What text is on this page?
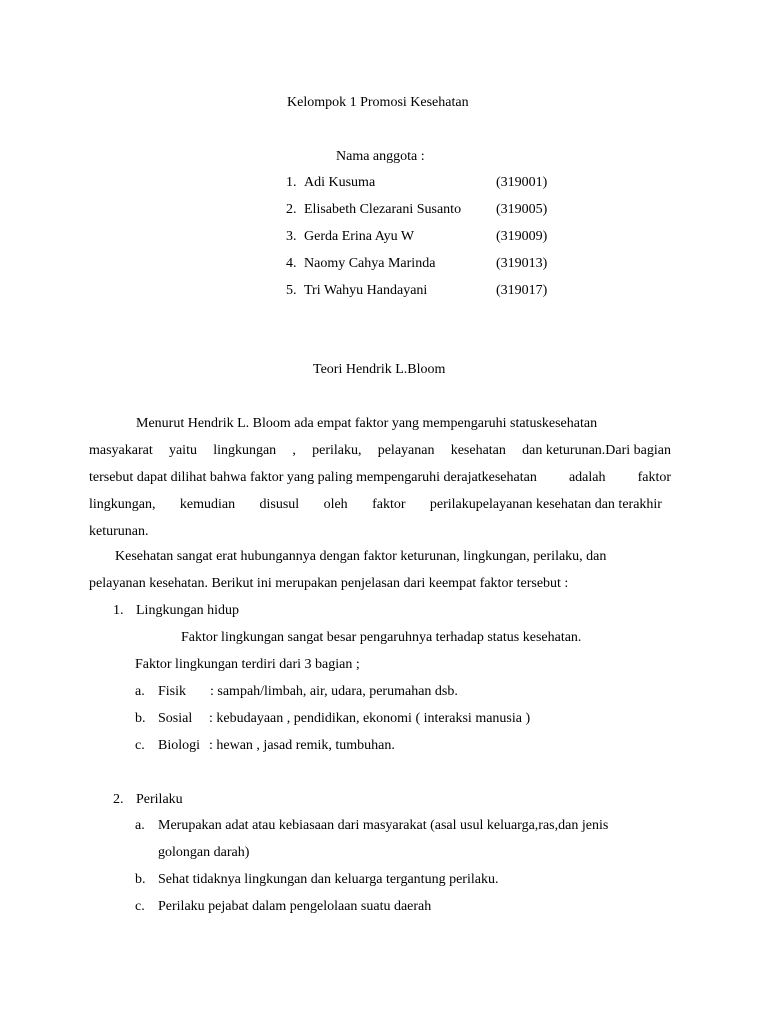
Kelompok 1 Promosi Kesehatan
Nama anggota :
1. Adi Kusuma	(319001)
2. Elisabeth Clezarani Susanto (319005)
3. Gerda Erina Ayu W	(319009)
4. Naomy Cahya Marinda	(319013)
5. Tri Wahyu Handayani	(319017)
Teori Hendrik L.Bloom
Menurut Hendrik L. Bloom ada empat faktor yang mempengaruhi statuskesehatan
masyakarat yaitu lingkungan , perilaku, pelayanan kesehatan dan keturunan.Dari bagian
tersebut dapat dilihat bahwa faktor yang paling mempengaruhi derajatkesehatan adalah faktor
lingkungan, kemudian disusul oleh faktor perilakupelayanan kesehatan dan terakhir
keturunan.
Kesehatan sangat erat hubungannya dengan faktor keturunan, lingkungan, perilaku, dan
pelayanan kesehatan. Berikut ini merupakan penjelasan dari keempat faktor tersebut :
1. Lingkungan hidup
Faktor lingkungan sangat besar pengaruhnya terhadap status kesehatan.
Faktor lingkungan terdiri dari 3 bagian ;
a. Fisik : sampah/limbah, air, udara, perumahan dsb.
b. Sosial : kebudayaan , pendidikan, ekonomi ( interaksi manusia )
c. Biologi : hewan , jasad remik, tumbuhan.
2. Perilaku
a. Merupakan adat atau kebiasaan dari masyarakat (asal usul keluarga,ras,dan jenis
golongan darah)
b. Sehat tidaknya lingkungan dan keluarga tergantung perilaku.
c. Perilaku pejabat dalam pengelolaan suatu daerah
